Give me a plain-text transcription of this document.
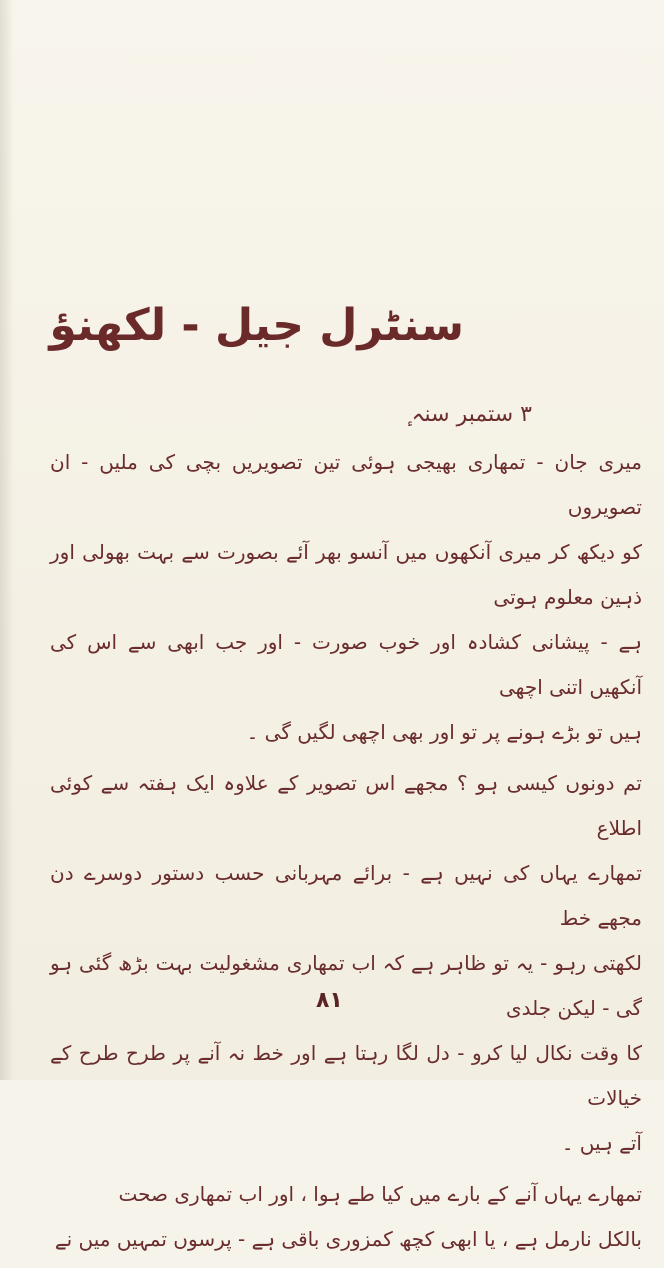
سنٹرل جیل - لکھنؤ
۳ ستمبر سنہ ٕ

میری جان - تمھاری بھیجی ہوئی تین تصویریں بچی کی ملیں - ان تصویروں

کو دیکھ کر میری آنکھوں میں آنسو بھر آئے بصورت سے بہت بھولی اور ذہین معلوم ہوتی

ہے - پیشانی کشادہ اور خوب صورت - اور جب ابھی سے اس کی آنکھیں اتنی اچھی

ہیں تو بڑے ہونے پر تو اور بھی اچھی لگیں گی ۔

تم دونوں کیسی ہو ؟ مجھے اس تصویر کے علاوہ ایک ہفتہ سے کوئی اطلاع

تمھارے یہاں کی نہیں ہے - برائے مہربانی حسب دستور دوسرے دن مجھے خط

لکھتی رہو - یہ تو ظاہر ہے کہ اب تمھاری مشغولیت بہت بڑھ گئی ہو گی - لیکن جلدی

کا وقت نکال لیا کرو - دل لگا رہتا ہے اور خط نہ آنے پر طرح طرح کے خیالات

آتے ہیں ۔

تمھارے یہاں آنے کے بارے میں کیا طے ہوا ، اور اب تمھاری صحت

بالکل نارمل ہے ، یا ابھی کچھ کمزوری باقی ہے - پرسوں تمہیں میں نے

۸۱
